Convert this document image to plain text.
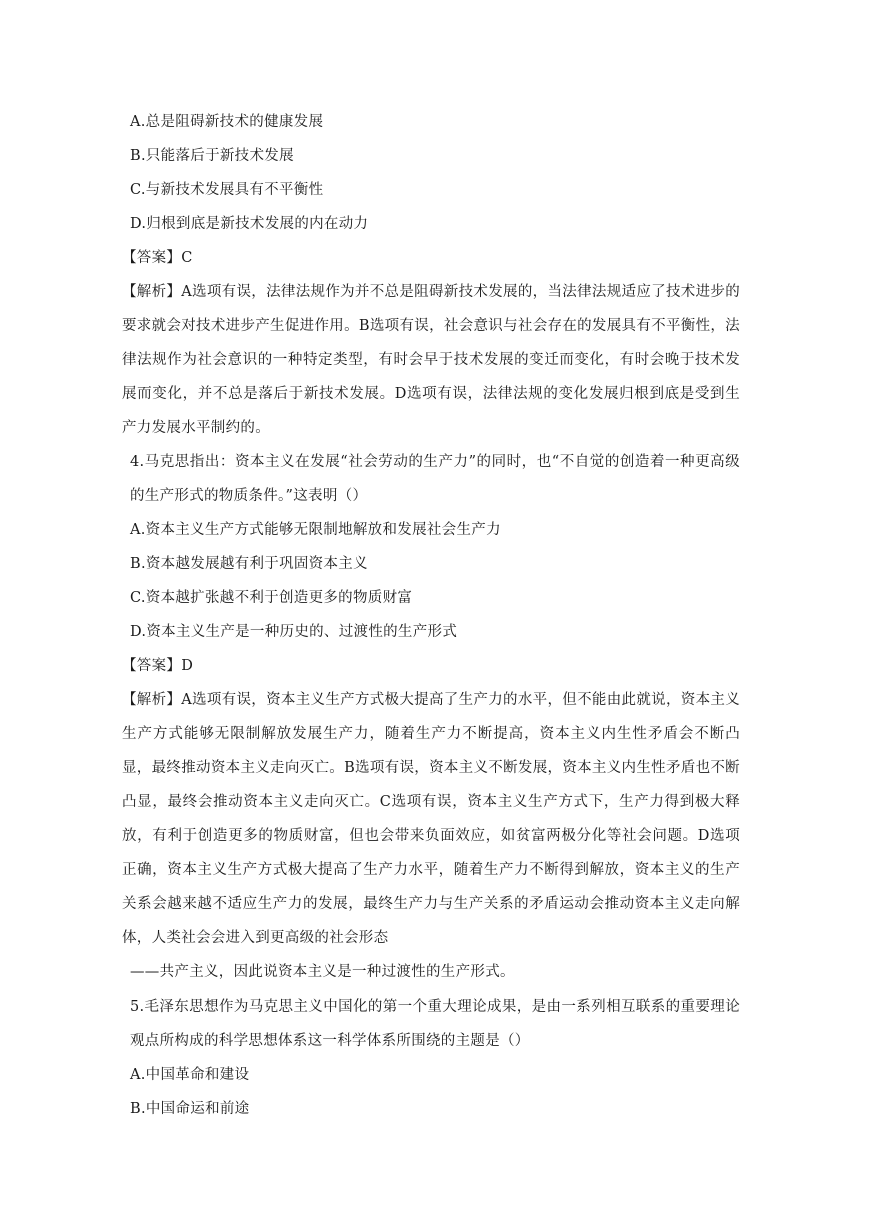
A.总是阻碍新技术的健康发展
B.只能落后于新技术发展
C.与新技术发展具有不平衡性
D.归根到底是新技术发展的内在动力
【答案】C
【解析】A选项有误，法律法规作为并不总是阻碍新技术发展的，当法律法规适应了技术进步的要求就会对技术进步产生促进作用。B选项有误，社会意识与社会存在的发展具有不平衡性，法律法规作为社会意识的一种特定类型，有时会早于技术发展的变迁而变化，有时会晚于技术发展而变化，并不总是落后于新技术发展。D选项有误，法律法规的变化发展归根到底是受到生产力发展水平制约的。
4.马克思指出：资本主义在发展“社会劳动的生产力”的同时，也“不自觉的创造着一种更高级的生产形式的物质条件。”这表明（）
A.资本主义生产方式能够无限制地解放和发展社会生产力
B.资本越发展越有利于巩固资本主义
C.资本越扩张越不利于创造更多的物质财富
D.资本主义生产是一种历史的、过渡性的生产形式
【答案】D
【解析】A选项有误，资本主义生产方式极大提高了生产力的水平，但不能由此就说，资本主义生产方式能够无限制解放发展生产力，随着生产力不断提高，资本主义内生性矛盾会不断凸显，最终推动资本主义走向灭亡。B选项有误，资本主义不断发展，资本主义内生性矛盾也不断凸显，最终会推动资本主义走向灭亡。C选项有误，资本主义生产方式下，生产力得到极大释放，有利于创造更多的物质财富，但也会带来负面效应，如贫富两极分化等社会问题。D选项正确，资本主义生产方式极大提高了生产力水平，随着生产力不断得到解放，资本主义的生产关系会越来越不适应生产力的发展，最终生产力与生产关系的矛盾运动会推动资本主义走向解体，人类社会会进入到更高级的社会形态
——共产主义，因此说资本主义是一种过渡性的生产形式。
5.毛泽东思想作为马克思主义中国化的第一个重大理论成果，是由一系列相互联系的重要理论观点所构成的科学思想体系这一科学体系所围绕的主题是（）
A.中国革命和建设
B.中国命运和前途
